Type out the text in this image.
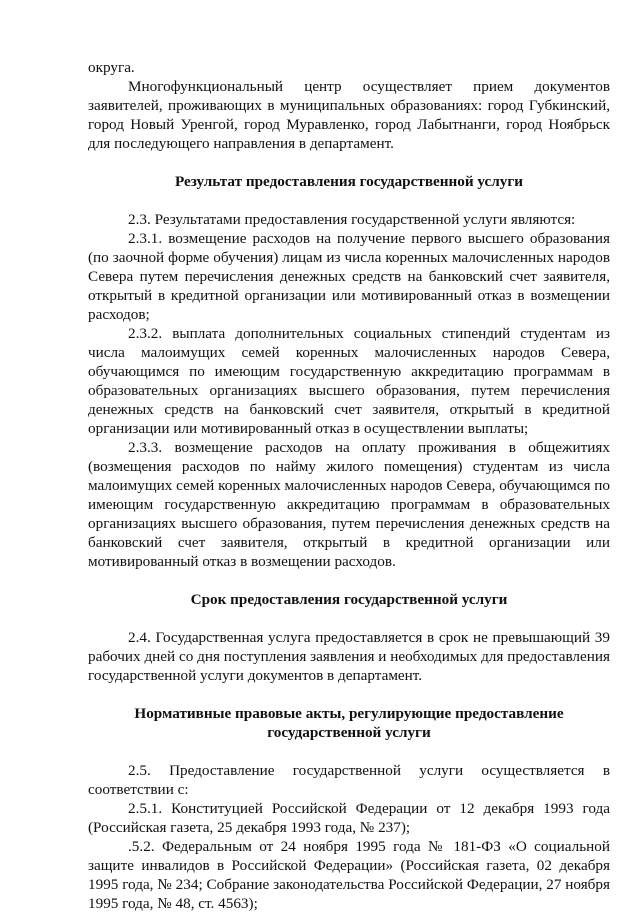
округа.

Многофункциональный центр осуществляет прием документов заявителей, проживающих в муниципальных образованиях: город Губкинский, город Новый Уренгой, город Муравленко, город Лабытнанги, город Ноябрьск для последующего направления в департамент.

Результат предоставления государственной услуги

2.3. Результатами предоставления государственной услуги являются:

2.3.1. возмещение расходов на получение первого высшего образования (по заочной форме обучения) лицам из числа коренных малочисленных народов Севера путем перечисления денежных средств на банковский счет заявителя, открытый в кредитной организации или мотивированный отказ в возмещении расходов;

2.3.2. выплата дополнительных социальных стипендий студентам из числа малоимущих семей коренных малочисленных народов Севера, обучающимся по имеющим государственную аккредитацию программам в образовательных организациях высшего образования, путем перечисления денежных средств на банковский счет заявителя, открытый в кредитной организации или мотивированный отказ в осуществлении выплаты;

2.3.3. возмещение расходов на оплату проживания в общежитиях (возмещения расходов по найму жилого помещения) студентам из числа малоимущих семей коренных малочисленных народов Севера, обучающимся по имеющим государственную аккредитацию программам в образовательных организациях высшего образования, путем перечисления денежных средств на банковский счет заявителя, открытый в кредитной организации или мотивированный отказ в возмещении расходов.

Срок предоставления государственной услуги

2.4. Государственная услуга предоставляется в срок не превышающий 39 рабочих дней со дня поступления заявления и необходимых для предоставления государственной услуги документов в департамент.

Нормативные правовые акты, регулирующие предоставление
государственной услуги

2.5. Предоставление государственной услуги осуществляется в соответствии с:

2.5.1. Конституцией Российской Федерации от 12 декабря 1993 года (Российская газета, 25 декабря 1993 года, № 237);

.5.2. Федеральным от 24 ноября 1995 года № 181-ФЗ «О социальной защите инвалидов в Российской Федерации» (Российская газета, 02 декабря 1995 года, № 234; Собрание законодательства Российской Федерации, 27 ноября 1995 года, № 48, ст. 4563);
